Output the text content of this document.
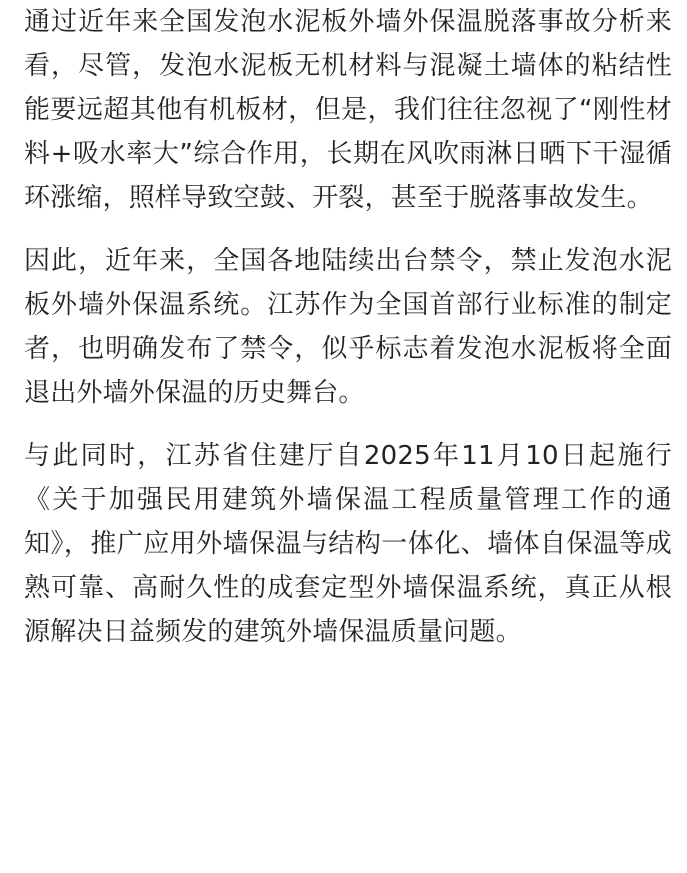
通过近年来全国发泡水泥板外墙外保温脱落事故分析来看，尽管，发泡水泥板无机材料与混凝土墙体的粘结性能要远超其他有机板材，但是，我们往往忽视了“刚性材料+吸水率大”综合作用，长期在风吹雨淋日晒下干湿循环涨缩，照样导致空鼓、开裂，甚至于脱落事故发生。

因此，近年来，全国各地陆续出台禁令，禁止发泡水泥板外墙外保温系统。江苏作为全国首部行业标准的制定者，也明确发布了禁令，似乎标志着发泡水泥板将全面退出外墙外保温的历史舞台。

与此同时，江苏省住建厅自2025年11月10日起施行《关于加强民用建筑外墙保温工程质量管理工作的通知》，推广应用外墙保温与结构一体化、墙体自保温等成熟可靠、高耐久性的成套定型外墙保温系统，真正从根源解决日益频发的建筑外墙保温质量问题。
